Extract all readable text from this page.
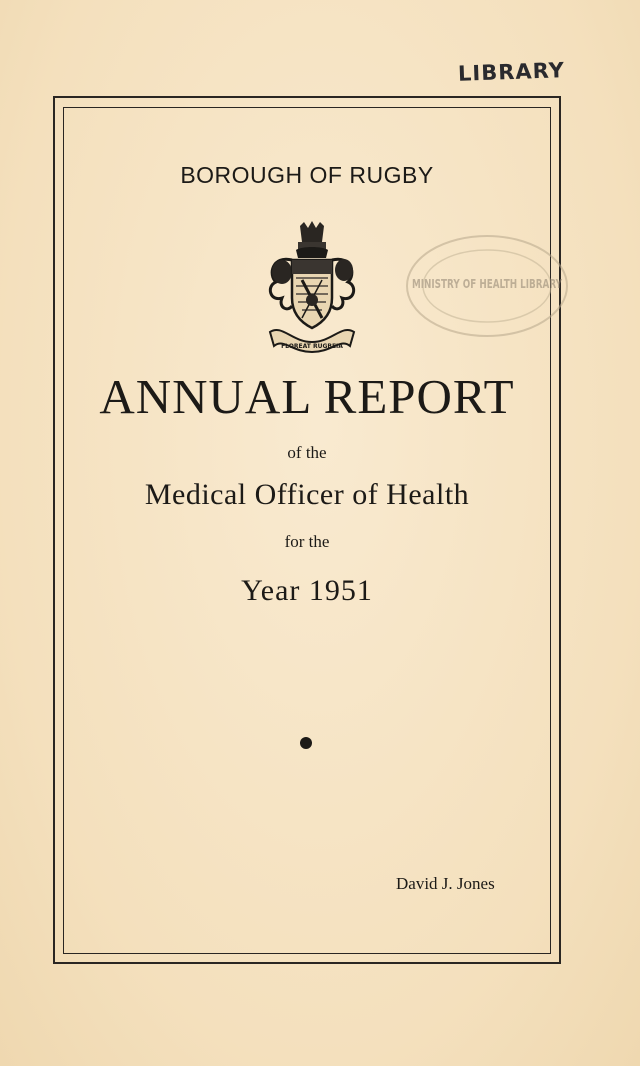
LIBRARY
BOROUGH OF RUGBY
FLOREAT RUGBEIA
MINISTRY OF HEALTH LIBRARY
ANNUAL REPORT
of the
Medical Officer of Health
for the
Year 1951
David J. Jones
